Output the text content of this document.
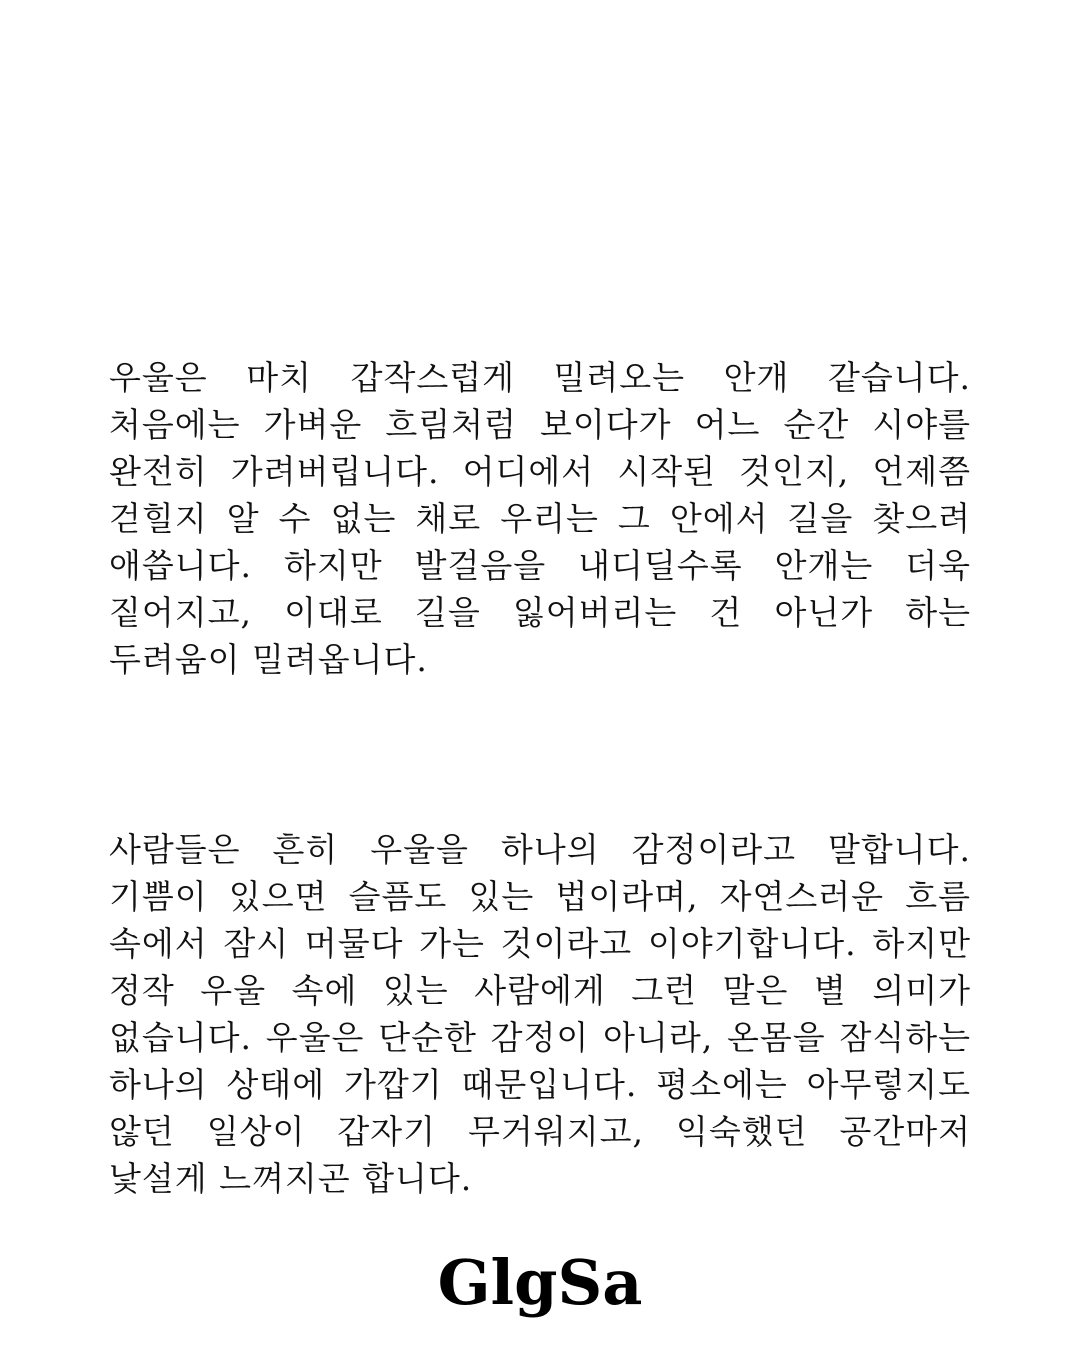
우울은 마치 갑작스럽게 밀려오는 안개 같습니다. 처음에는 가벼운 흐림처럼 보이다가 어느 순간 시야를 완전히 가려버립니다. 어디에서 시작된 것인지, 언제쯤 걷힐지 알 수 없는 채로 우리는 그 안에서 길을 찾으려 애씁니다. 하지만 발걸음을 내디딜수록 안개는 더욱 짙어지고, 이대로 길을 잃어버리는 건 아닌가 하는 두려움이 밀려옵니다.

사람들은 흔히 우울을 하나의 감정이라고 말합니다. 기쁨이 있으면 슬픔도 있는 법이라며, 자연스러운 흐름 속에서 잠시 머물다 가는 것이라고 이야기합니다. 하지만 정작 우울 속에 있는 사람에게 그런 말은 별 의미가 없습니다. 우울은 단순한 감정이 아니라, 온몸을 잠식하는 하나의 상태에 가깝기 때문입니다. 평소에는 아무렇지도 않던 일상이 갑자기 무거워지고, 익숙했던 공간마저 낯설게 느껴지곤 합니다.

GlgSa
